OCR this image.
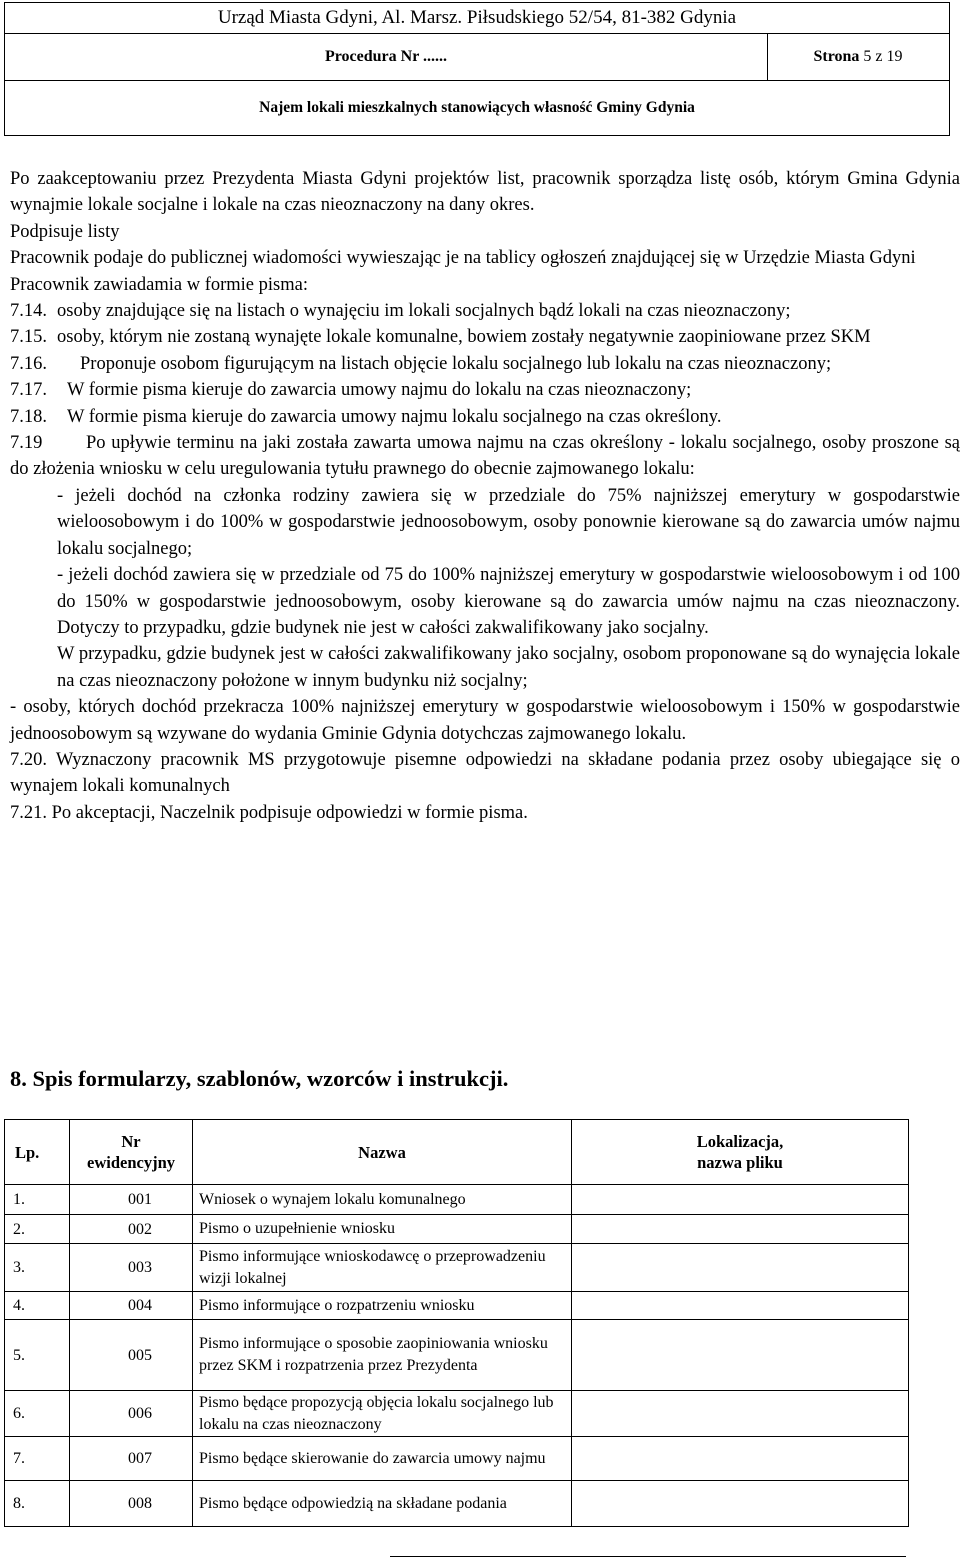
Urząd Miasta Gdyni, Al. Marsz. Piłsudskiego 52/54, 81-382 Gdynia
Procedura Nr ......	Strona 5 z 19
Najem lokali mieszkalnych stanowiących własność Gminy Gdynia

Po zaakceptowaniu przez Prezydenta Miasta Gdyni projektów list, pracownik sporządza listę osób, którym Gmina Gdynia wynajmie lokale socjalne i lokale na czas nieoznaczony na dany okres.

Podpisuje listy

Pracownik podaje do publicznej wiadomości wywieszając je na tablicy ogłoszeń znajdującej się w Urzędzie Miasta Gdyni

Pracownik zawiadamia w formie pisma:

7.14. osoby znajdujące się na listach o wynajęciu im lokali socjalnych bądź lokali na czas nieoznaczony;
7.15. osoby, którym nie zostaną wynajęte lokale komunalne, bowiem zostały negatywnie zaopiniowane przez SKM
7.16.	Proponuje osobom figurującym na listach objęcie lokalu socjalnego lub lokalu na czas nieoznaczony;
7.17.	W formie pisma kieruje do zawarcia umowy najmu do lokalu na czas nieoznaczony;
7.18.	W formie pisma kieruje do zawarcia umowy najmu lokalu socjalnego na czas określony.
7.19	Po upływie terminu na jaki została zawarta umowa najmu na czas określony - lokalu socjalnego, osoby proszone są do złożenia wniosku w celu uregulowania tytułu prawnego do obecnie zajmowanego lokalu:

- jeżeli dochód na członka rodziny zawiera się w przedziale do 75% najniższej emerytury w gospodarstwie wieloosobowym i do 100% w gospodarstwie jednoosobowym, osoby ponownie kierowane są do zawarcia umów najmu lokalu socjalnego;

- jeżeli dochód zawiera się w przedziale od 75 do 100% najniższej emerytury w gospodarstwie wieloosobowym i od 100 do 150% w gospodarstwie jednoosobowym, osoby kierowane są do zawarcia umów najmu na czas nieoznaczony. Dotyczy to przypadku, gdzie budynek nie jest w całości zakwalifikowany jako socjalny.

W przypadku, gdzie budynek jest w całości zakwalifikowany jako socjalny, osobom proponowane są do wynajęcia lokale na czas nieoznaczony położone w innym budynku niż socjalny;

- osoby, których dochód przekracza 100% najniższej emerytury w gospodarstwie wieloosobowym i 150% w gospodarstwie jednoosobowym są wzywane do wydania Gminie Gdynia dotychczas zajmowanego lokalu.

7.20. Wyznaczony pracownik MS przygotowuje pisemne odpowiedzi na składane podania przez osoby ubiegające się o wynajem lokali komunalnych

7.21. Po akceptacji, Naczelnik podpisuje odpowiedzi w formie pisma.

8. Spis formularzy, szablonów, wzorców i instrukcji.
Lp.	Nr ewidencyjny	Nazwa	Lokalizacja,
nazwa pliku
1.	001	Wniosek o wynajem lokalu komunalnego	
2.	002	Pismo o uzupełnienie wniosku	
3.	003	Pismo informujące wnioskodawcę o przeprowadzeniu wizji lokalnej	
4.	004	Pismo informujące o rozpatrzeniu wniosku	
5.	005	Pismo informujące o sposobie zaopiniowania wniosku przez SKM i rozpatrzenia przez Prezydenta	
6.	006	Pismo będące propozycją objęcia lokalu socjalnego lub lokalu na czas nieoznaczony	
7.	007	Pismo będące skierowanie do zawarcia umowy najmu	
8.	008	Pismo będące odpowiedzią na składane podania	
